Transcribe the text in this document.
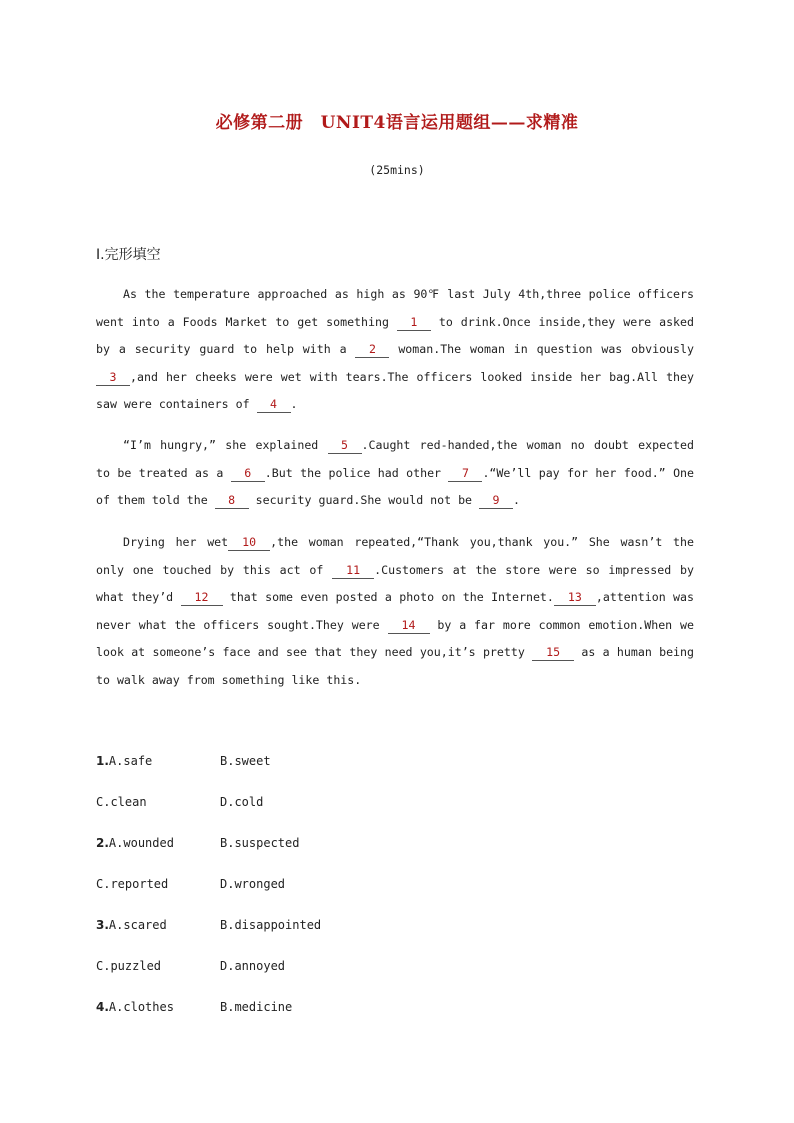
必修第二册　UNIT4语言运用题组——求精准
(25mins)
Ⅰ.完形填空

As the temperature approached as high as 90℉ last July 4th,three police officers went into a Foods Market to get something 1 to drink.Once inside,they were asked by a security guard to help with a 2 woman.The woman in question was obviously 3 ,and her cheeks were wet with tears.The officers looked inside her bag.All they saw were containers of 4 .

“I’m hungry,” she explained 5 .Caught red-handed,the woman no doubt expected to be treated as a 6 .But the police had other 7 .“We’ll pay for her food.” One of them told the 8 security guard.She would not be 9 .

Drying her wet 10 ,the woman repeated,“Thank you,thank you.” She wasn’t the only one touched by this act of 11 .Customers at the store were so impressed by what they’d 12 that some even posted a photo on the Internet. 13 ,attention was never what the officers sought.They were 14 by a far more common emotion.When we look at someone’s face and see that they need you,it’s pretty 15 as a human being to walk away from something like this.

1.A.safe	B.sweet
C.clean	D.cold
2.A.wounded	B.suspected
C.reported	D.wronged
3.A.scared	B.disappointed
C.puzzled	D.annoyed
4.A.clothes	B.medicine
